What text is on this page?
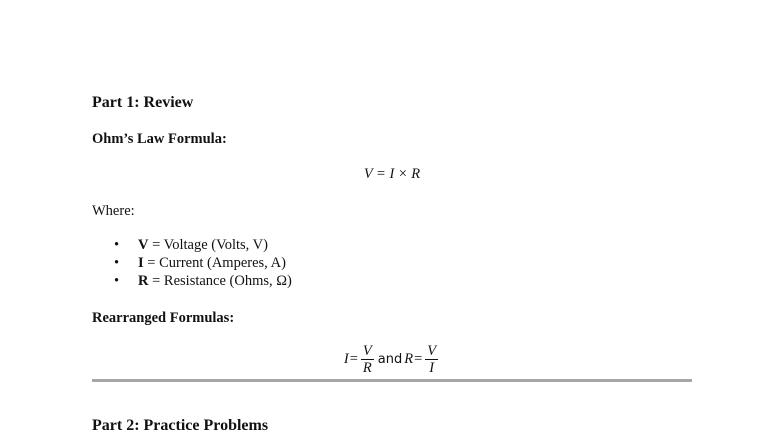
Part 1: Review
Ohm’s Law Formula:
V = I × R
Where:
• V = Voltage (Volts, V)
• I = Current (Amperes, A)
• R = Resistance (Ohms, Ω)
Rearranged Formulas:
$I = \frac{V}{R}$ and $R = \frac{V}{I}$
Part 2: Practice Problems
